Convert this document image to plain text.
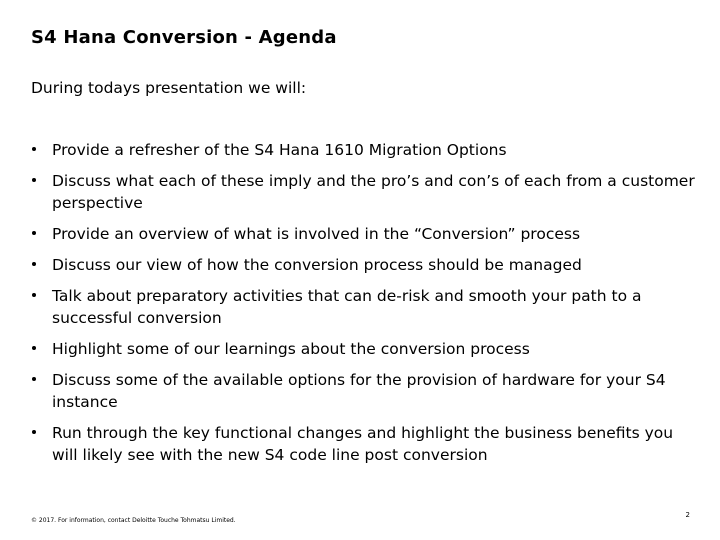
S4 Hana Conversion - Agenda
During todays presentation we will:
Provide a refresher of the S4 Hana 1610 Migration Options
Discuss what each of these imply and the pro’s and con’s of each from a customer perspective
Provide an overview of what is involved in the “Conversion” process
Discuss our view of how the conversion process should be managed
Talk about preparatory activities that can de-risk and smooth your path to a successful conversion
Highlight some of our learnings about the conversion process
Discuss some of the available options for the provision of hardware for your S4 instance
Run through the key functional changes and highlight the business benefits you will likely see with the new S4 code line post conversion
© 2017. For information, contact Deloitte Touche Tohmatsu Limited.
2
